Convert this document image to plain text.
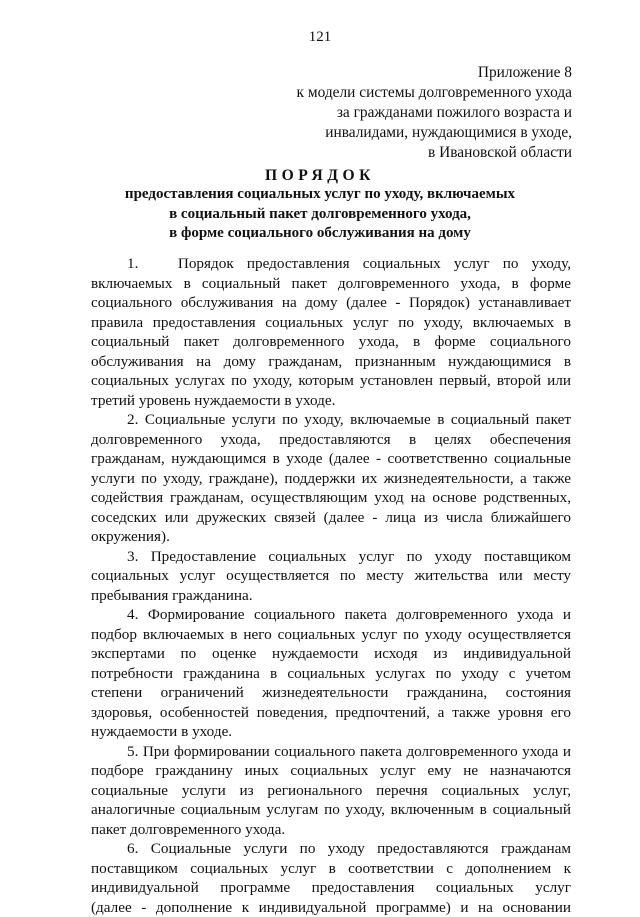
121
Приложение 8
к модели системы долговременного ухода
за гражданами пожилого возраста и
инвалидами, нуждающимися в уходе,
в Ивановской области
ПОРЯДОК
предоставления социальных услуг по уходу, включаемых
в социальный пакет долговременного ухода,
в форме социального обслуживания на дому
1.   Порядок предоставления социальных услуг по уходу,
включаемых в социальный пакет долговременного ухода, в форме
социального обслуживания на дому (далее - Порядок) устанавливает
правила предоставления социальных услуг по уходу, включаемых в
социальный пакет долговременного ухода, в форме социального
обслуживания на дому гражданам, признанным нуждающимися в
социальных услугах по уходу, которым установлен первый, второй или
третий уровень нуждаемости в уходе.
2. Социальные услуги по уходу, включаемые в социальный пакет
долговременного ухода, предоставляются в целях обеспечения
гражданам, нуждающимся в уходе (далее - соответственно социальные
услуги по уходу, граждане), поддержки их жизнедеятельности, а также
содействия гражданам, осуществляющим уход на основе родственных,
соседских или дружеских связей (далее - лица из числа ближайшего
окружения).
3. Предоставление социальных услуг по уходу поставщиком
социальных услуг осуществляется по месту жительства или месту
пребывания гражданина.
4. Формирование социального пакета долговременного ухода и
подбор включаемых в него социальных услуг по уходу осуществляется
экспертами по оценке нуждаемости исходя из индивидуальной
потребности гражданина в социальных услугах по уходу с учетом
степени ограничений жизнедеятельности гражданина, состояния
здоровья, особенностей поведения, предпочтений, а также уровня его
нуждаемости в уходе.
5. При формировании социального пакета долговременного ухода и
подборе гражданину иных социальных услуг ему не назначаются
социальные услуги из регионального перечня социальных услуг,
аналогичные социальным услугам по уходу, включенным в социальный
пакет долговременного ухода.
6. Социальные услуги по уходу предоставляются гражданам
поставщиком социальных услуг в соответствии с дополнением к
индивидуальной программе предоставления социальных услуг
(далее - дополнение к индивидуальной программе) и на основании
